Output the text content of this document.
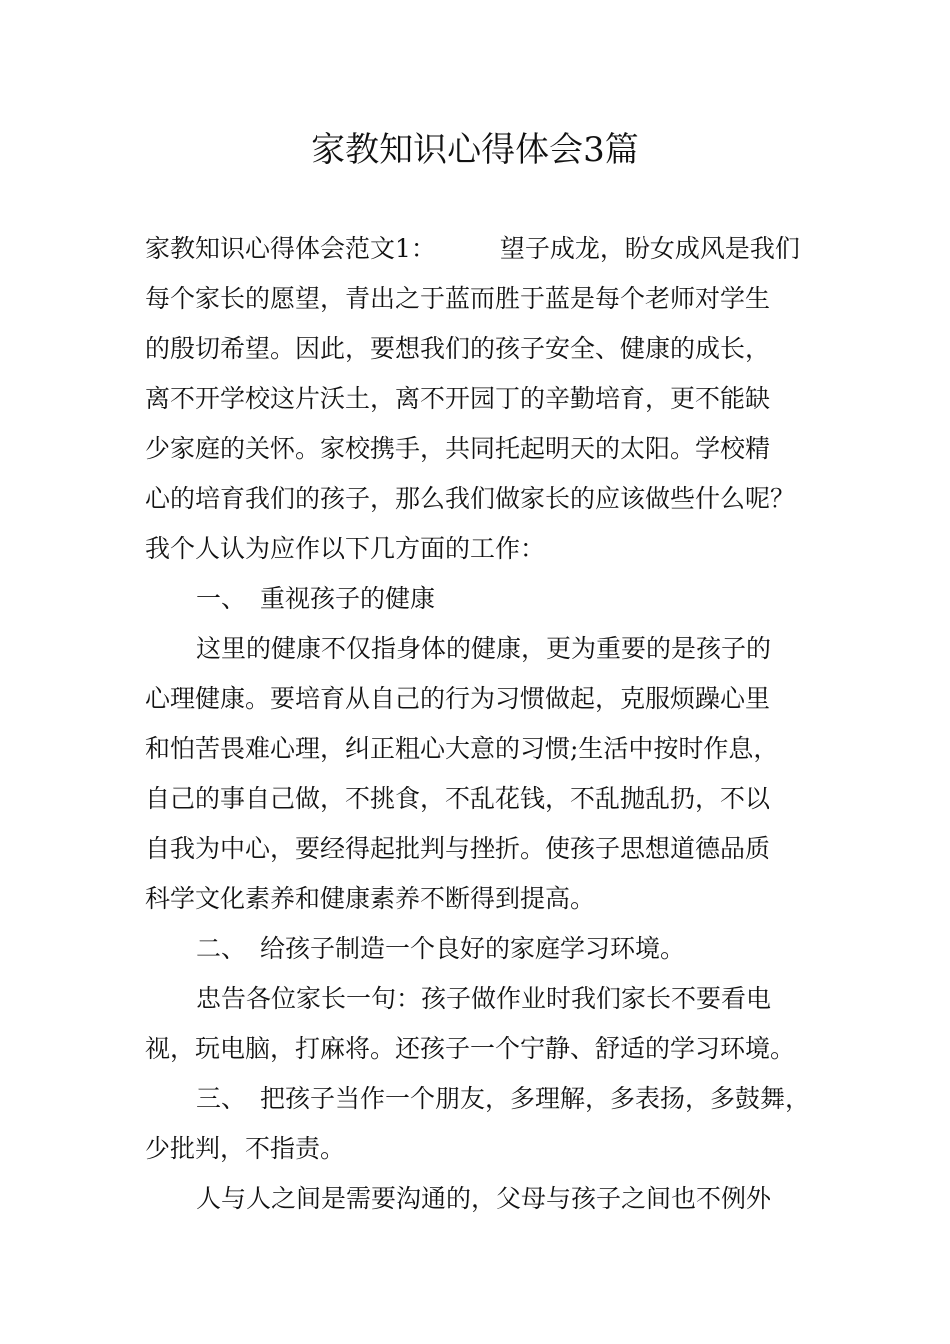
家教知识心得体会3篇
家教知识心得体会范文1：	望子成龙，盼女成风是我们
每个家长的愿望，青出之于蓝而胜于蓝是每个老师对学生
的殷切希望。因此，要想我们的孩子安全、健康的成长，
离不开学校这片沃土，离不开园丁的辛勤培育，更不能缺
少家庭的关怀。家校携手，共同托起明天的太阳。学校精
心的培育我们的孩子，那么我们做家长的应该做些什么呢？
我个人认为应作以下几方面的工作：
一、 重视孩子的健康
这里的健康不仅指身体的健康，更为重要的是孩子的
心理健康。要培育从自己的行为习惯做起，克服烦躁心里
和怕苦畏难心理，纠正粗心大意的习惯;生活中按时作息，
自己的事自己做，不挑食，不乱花钱，不乱抛乱扔，不以
自我为中心，要经得起批判与挫折。使孩子思想道德品质
科学文化素养和健康素养不断得到提高。
二、 给孩子制造一个良好的家庭学习环境。
忠告各位家长一句：孩子做作业时我们家长不要看电
视，玩电脑，打麻将。还孩子一个宁静、舒适的学习环境。
三、 把孩子当作一个朋友，多理解，多表扬，多鼓舞，
少批判，不指责。
人与人之间是需要沟通的，父母与孩子之间也不例外
